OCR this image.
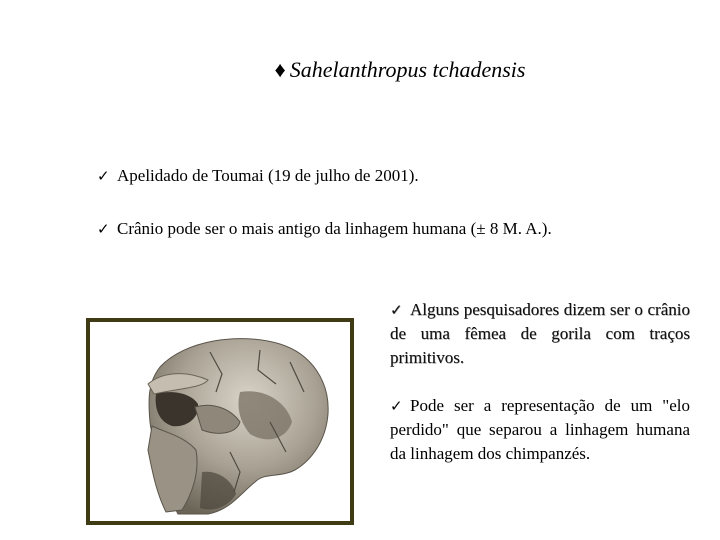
♦ Sahelanthropus tchadensis
✓ Apelidado de Toumai (19 de julho de 2001).
✓ Crânio pode ser o mais antigo da linhagem humana (± 8 M. A.).
✓ Alguns pesquisadores dizem ser o crânio de uma fêmea de gorila com traços primitivos.
✓ Pode ser a representação de um "elo perdido" que separou a linhagem humana da linhagem dos chimpanzés.
